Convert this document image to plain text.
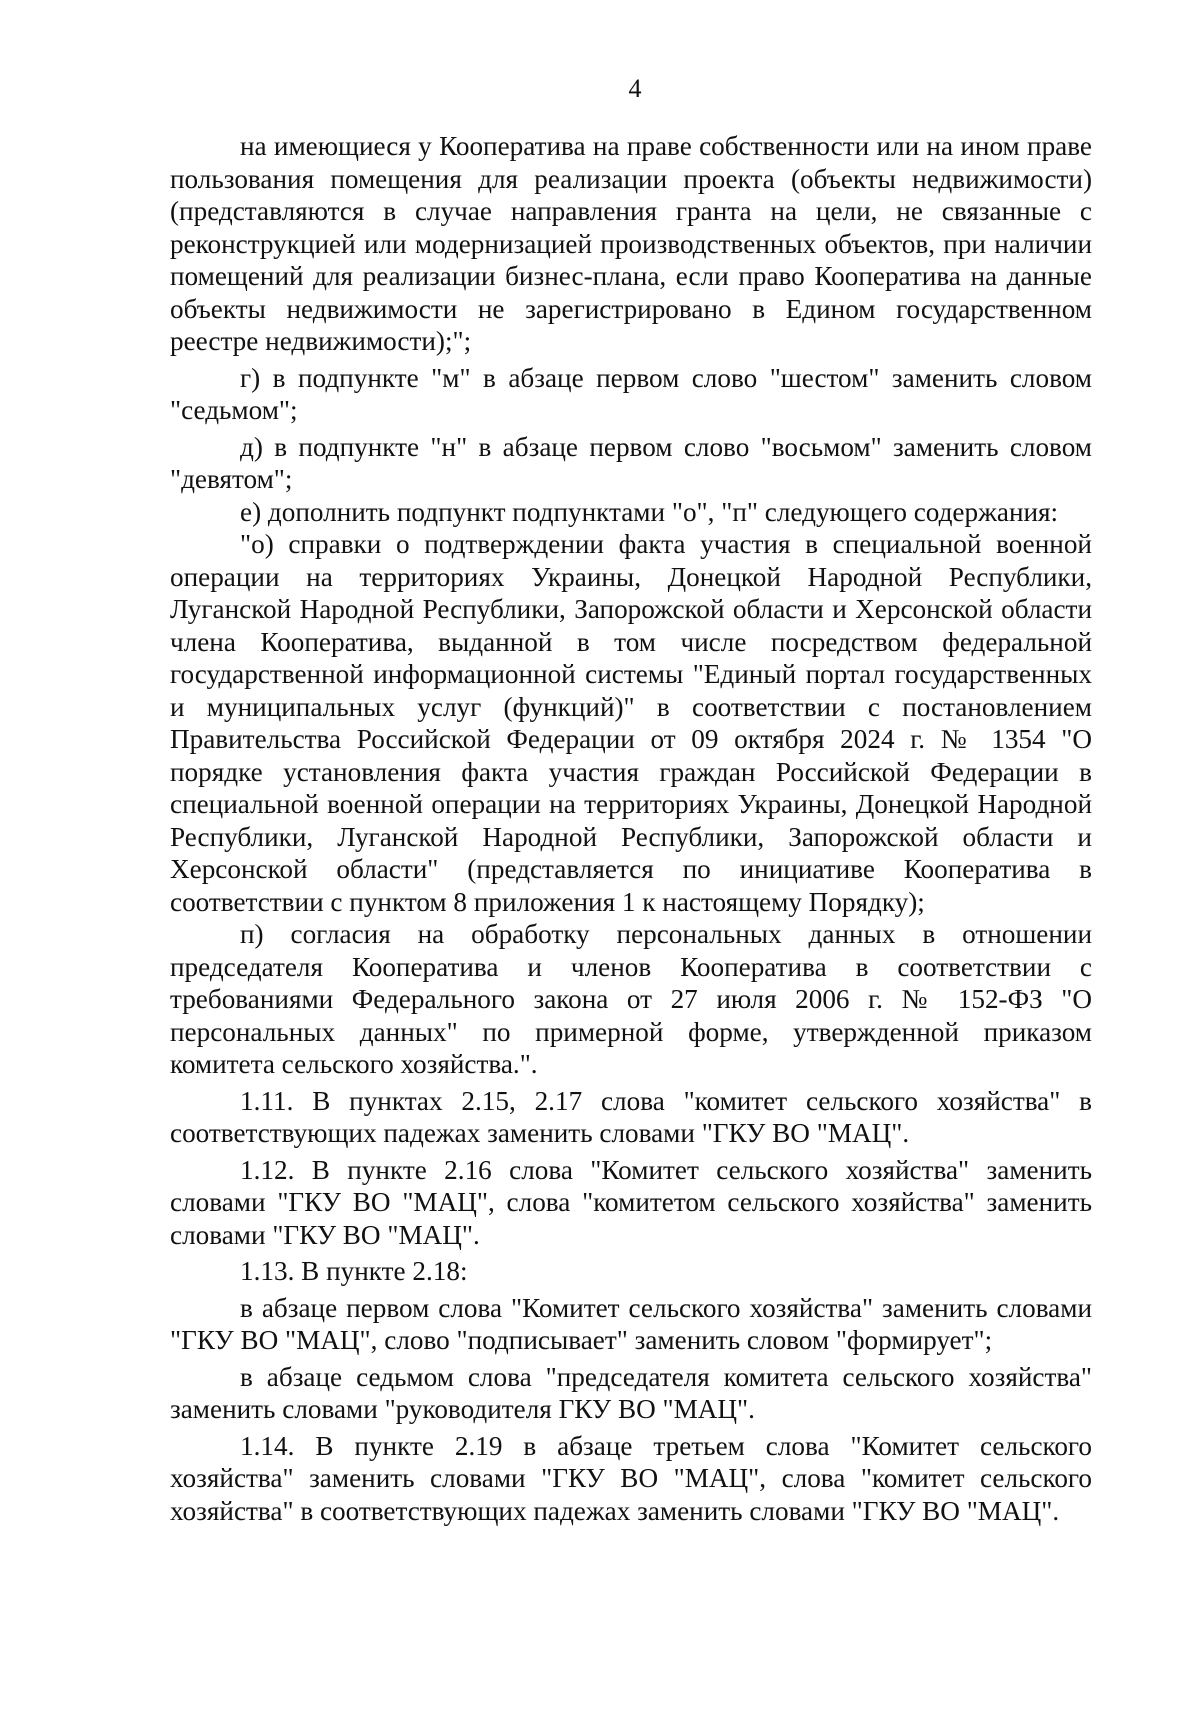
4

на имеющиеся у Кооператива на праве собственности или на ином праве пользования помещения для реализации проекта (объекты недвижимости) (представляются в случае направления гранта на цели, не связанные с реконструкцией или модернизацией производственных объектов, при наличии помещений для реализации бизнес-плана, если право Кооператива на данные объекты недвижимости не зарегистрировано в Едином государственном реестре недвижимости);";

г) в подпункте "м" в абзаце первом слово "шестом" заменить словом "седьмом";

д) в подпункте "н" в абзаце первом слово "восьмом" заменить словом "девятом";

е) дополнить подпункт подпунктами "о", "п" следующего содержания:

"о) справки о подтверждении факта участия в специальной военной операции на территориях Украины, Донецкой Народной Республики, Луганской Народной Республики, Запорожской области и Херсонской области члена Кооператива, выданной в том числе посредством федеральной государственной информационной системы "Единый портал государственных и муниципальных услуг (функций)" в соответствии с постановлением Правительства Российской Федерации от 09 октября 2024 г. № 1354 "О порядке установления факта участия граждан Российской Федерации в специальной военной операции на территориях Украины, Донецкой Народной Республики, Луганской Народной Республики, Запорожской области и Херсонской области" (представляется по инициативе Кооператива в соответствии с пунктом 8 приложения 1 к настоящему Порядку);

п) согласия на обработку персональных данных в отношении председателя Кооператива и членов Кооператива в соответствии с требованиями Федерального закона от 27 июля 2006 г. № 152-ФЗ "О персональных данных" по примерной форме, утвержденной приказом комитета сельского хозяйства.".

1.11. В пунктах 2.15, 2.17 слова "комитет сельского хозяйства" в соответствующих падежах заменить словами "ГКУ ВО "МАЦ".

1.12. В пункте 2.16 слова "Комитет сельского хозяйства" заменить словами "ГКУ ВО "МАЦ", слова "комитетом сельского хозяйства" заменить словами "ГКУ ВО "МАЦ".

1.13. В пункте 2.18:

в абзаце первом слова "Комитет сельского хозяйства" заменить словами "ГКУ ВО "МАЦ", слово "подписывает" заменить словом "формирует";

в абзаце седьмом слова "председателя комитета сельского хозяйства" заменить словами "руководителя ГКУ ВО "МАЦ".

1.14. В пункте 2.19 в абзаце третьем слова "Комитет сельского хозяйства" заменить словами "ГКУ ВО "МАЦ", слова "комитет сельского хозяйства" в соответствующих падежах заменить словами "ГКУ ВО "МАЦ".
